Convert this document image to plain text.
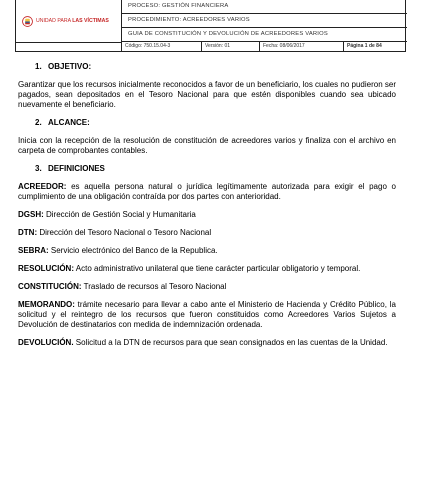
UNIDAD PARA LAS VÍCTIMAS
PROCESO: GESTIÓN FINANCIERA
PROCEDIMIENTO: ACREEDORES VARIOS
GUIA DE CONSTITUCIÓN Y DEVOLUCIÓN DE ACREEDORES VARIOS
Código: 750.15.04-3	Versión: 01	Fecha: 08/06/2017	Página 1 de 84
1. OBJETIVO:

Garantizar que los recursos inicialmente reconocidos a favor de un beneficiario, los cuales no pudieron ser pagados, sean depositados en el Tesoro Nacional para que estén disponibles cuando sea ubicado nuevamente el beneficiario.

2. ALCANCE:

Inicia con la recepción de la resolución de constitución de acreedores varios y finaliza con el archivo en carpeta de comprobantes contables.

3. DEFINICIONES

ACREEDOR: es aquella persona natural o jurídica legítimamente autorizada para exigir el pago o cumplimiento de una obligación contraída por dos partes con anterioridad.

DGSH: Dirección de Gestión Social y Humanitaria

DTN: Dirección del Tesoro Nacional o Tesoro Nacional

SEBRA: Servicio electrónico del Banco de la Republica.

RESOLUCIÓN: Acto administrativo unilateral que tiene carácter particular obligatorio y temporal.

CONSTITUCIÓN: Traslado de recursos al Tesoro Nacional

MEMORANDO: trámite necesario para llevar a cabo ante el Ministerio de Hacienda y Crédito Público, la solicitud y el reintegro de los recursos que fueron constituidos como Acreedores Varios Sujetos a Devolución de destinatarios con medida de indemnización ordenada.

DEVOLUCIÓN. Solicitud a la DTN de recursos para que sean consignados en las cuentas de la Unidad.
